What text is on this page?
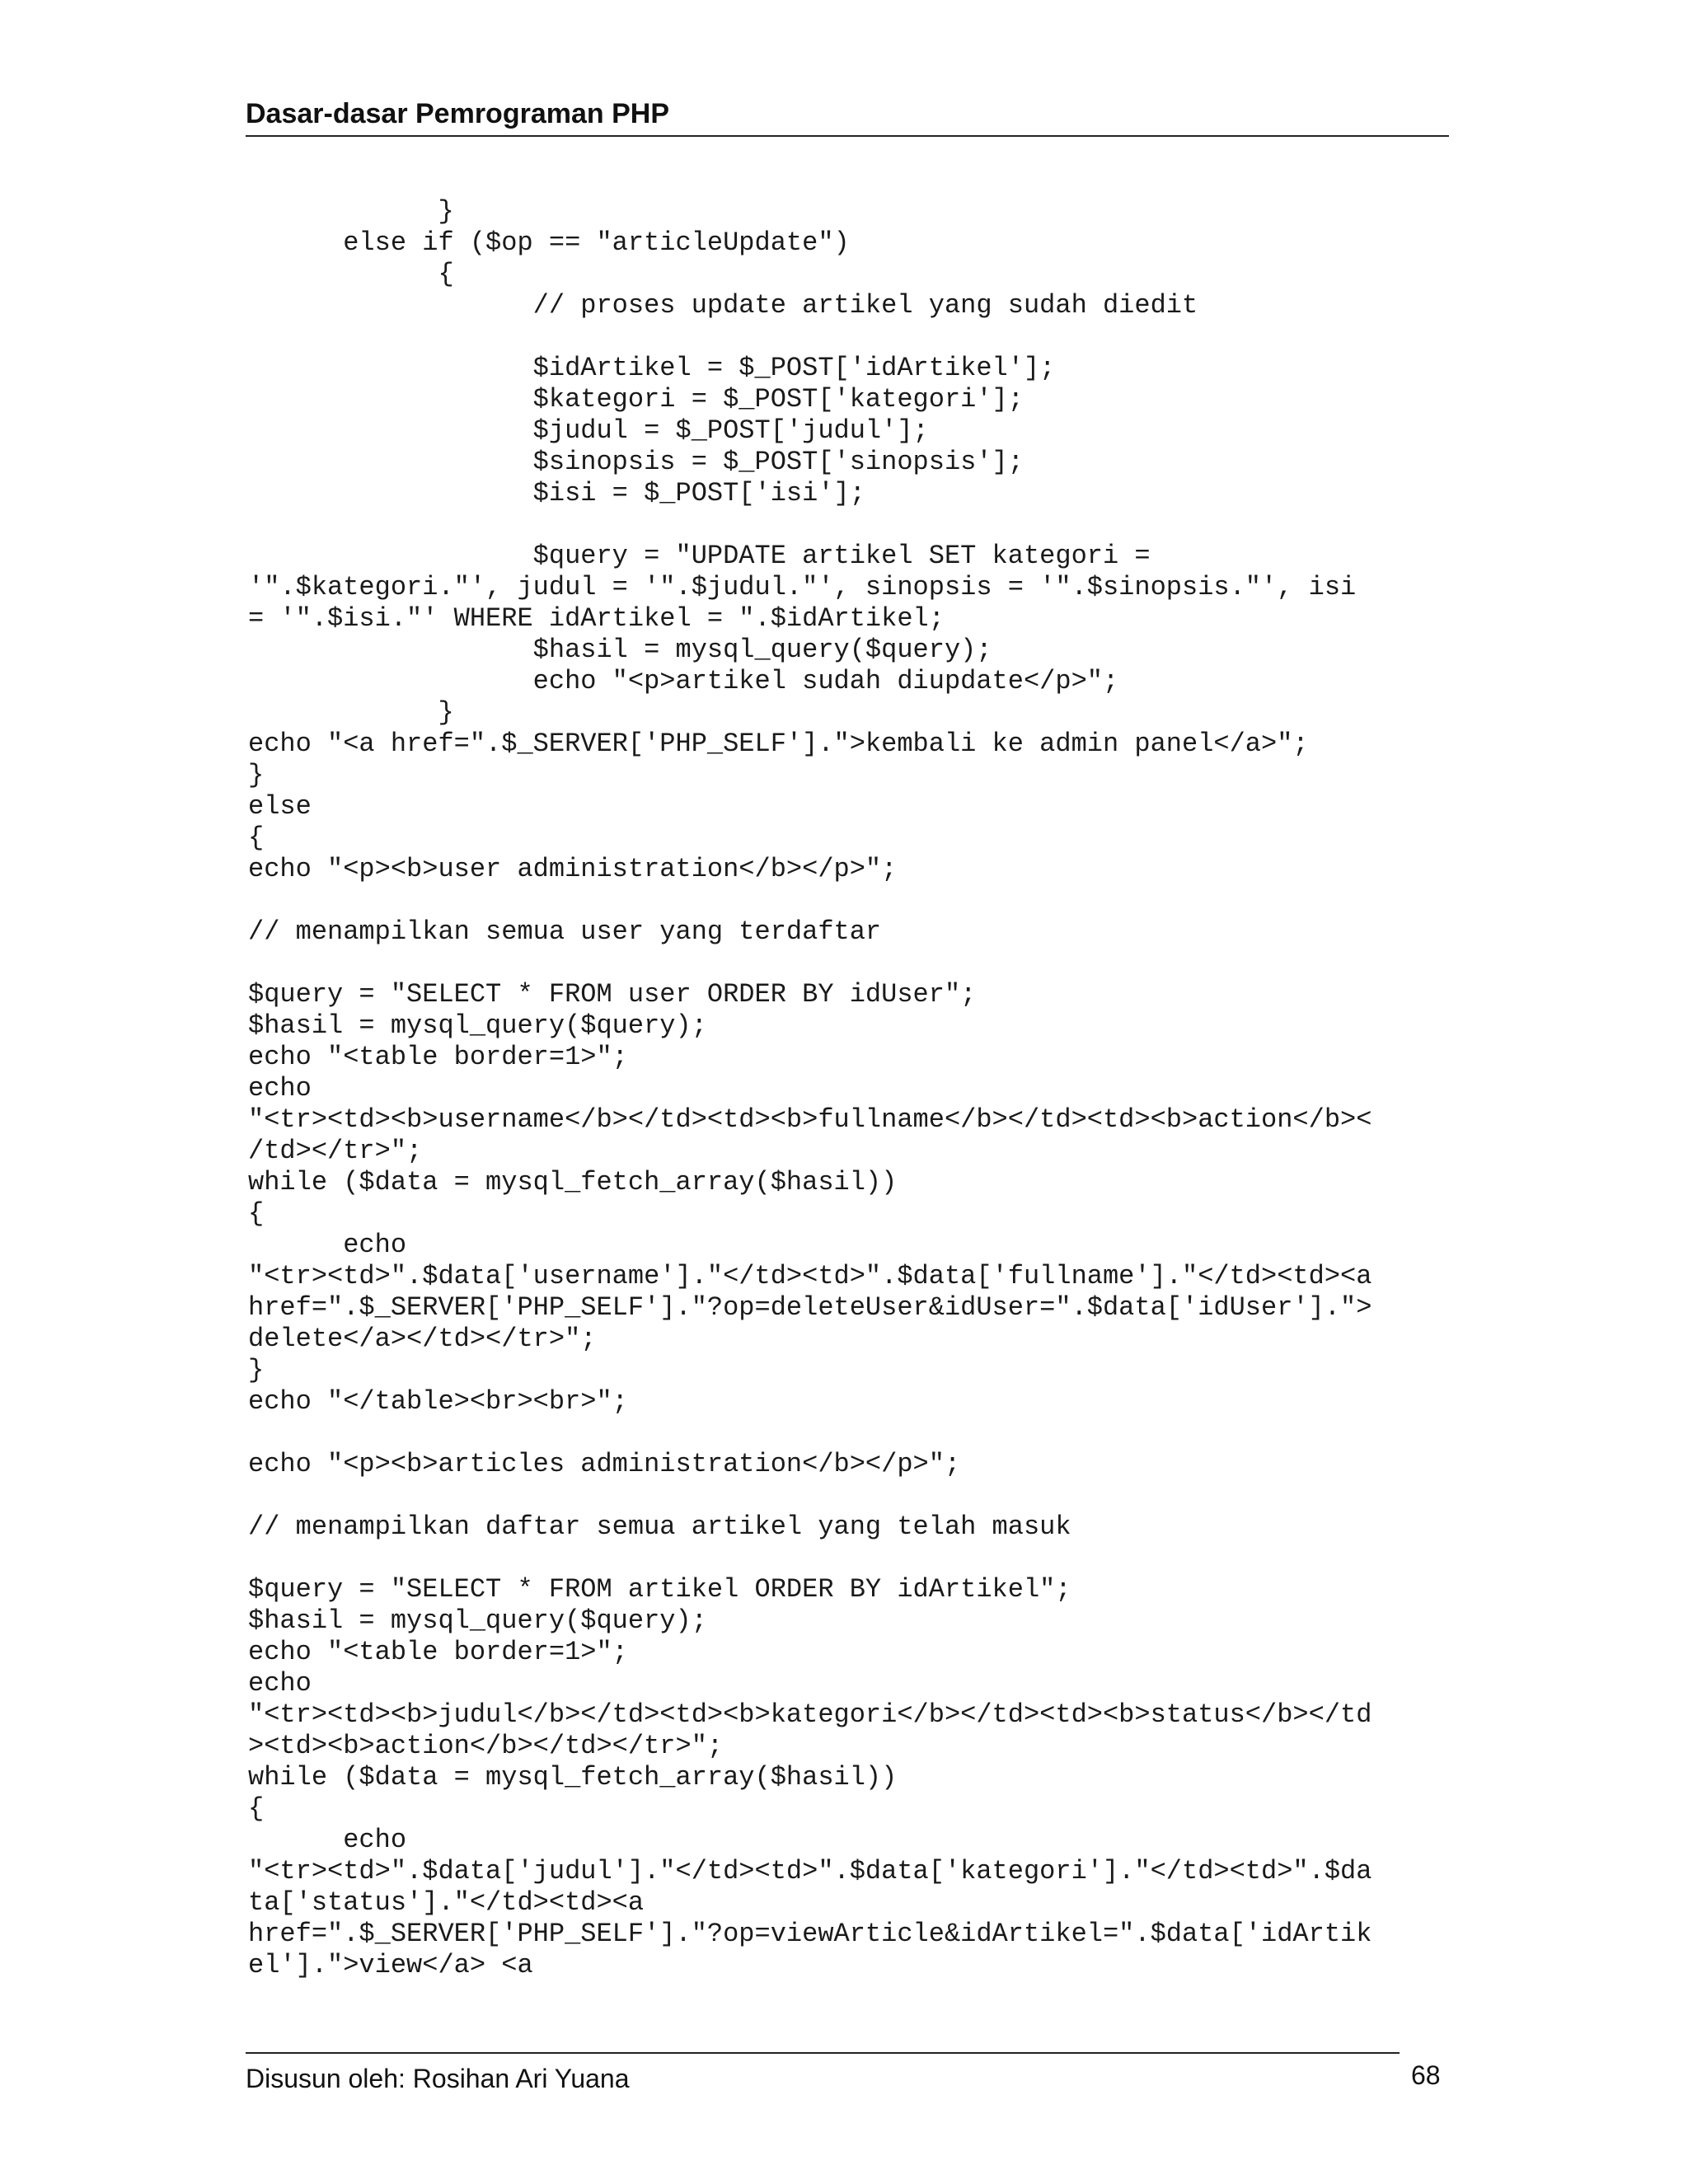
Dasar-dasar Pemrograman PHP
}
else if ($op == "articleUpdate")
{
// proses update artikel yang sudah diedit
$idArtikel = $_POST['idArtikel'];
$kategori = $_POST['kategori'];
$judul = $_POST['judul'];
$sinopsis = $_POST['sinopsis'];
$isi = $_POST['isi'];
$query = "UPDATE artikel SET kategori =
'".$kategori."', judul = '".$judul."', sinopsis = '".$sinopsis."', isi
= '".$isi."' WHERE idArtikel = ".$idArtikel;
$hasil = mysql_query($query);
echo "<p>artikel sudah diupdate</p>";
}
echo "<a href=".$_SERVER['PHP_SELF'].">kembali ke admin panel</a>";
}
else
{
echo "<p><b>user administration</b></p>";
// menampilkan semua user yang terdaftar
$query = "SELECT * FROM user ORDER BY idUser";
$hasil = mysql_query($query);
echo "<table border=1>";
echo
"<tr><td><b>username</b></td><td><b>fullname</b></td><td><b>action</b><
/td></tr>";
while ($data = mysql_fetch_array($hasil))
{
echo
"<tr><td>".$data['username']."</td><td>".$data['fullname']."</td><td><a
href=".$_SERVER['PHP_SELF']."?op=deleteUser&idUser=".$data['idUser'].">
delete</a></td></tr>";
}
echo "</table><br><br>";
echo "<p><b>articles administration</b></p>";
// menampilkan daftar semua artikel yang telah masuk
$query = "SELECT * FROM artikel ORDER BY idArtikel";
$hasil = mysql_query($query);
echo "<table border=1>";
echo
"<tr><td><b>judul</b></td><td><b>kategori</b></td><td><b>status</b></td
><td><b>action</b></td></tr>";
while ($data = mysql_fetch_array($hasil))
{
echo
"<tr><td>".$data['judul']."</td><td>".$data['kategori']."</td><td>".$da
ta['status']."</td><td><a
href=".$_SERVER['PHP_SELF']."?op=viewArticle&idArtikel=".$data['idArtik
el'].">view</a> <a
Disusun oleh: Rosihan Ari Yuana	68
